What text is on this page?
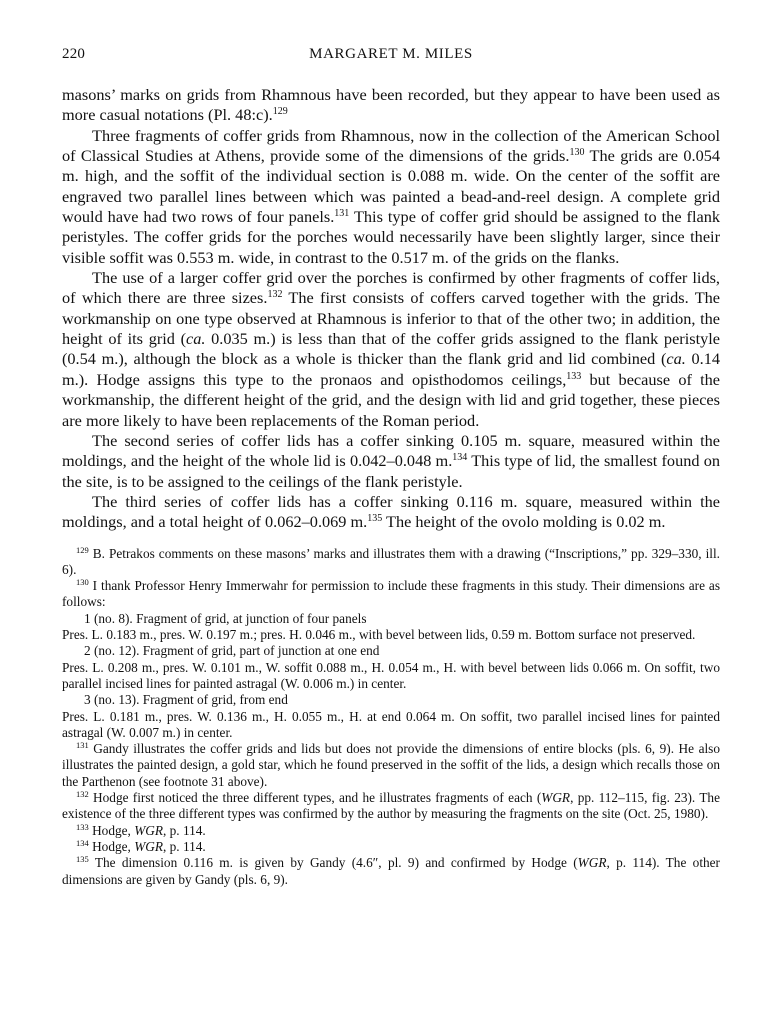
220	MARGARET M. MILES

masons’ marks on grids from Rhamnous have been recorded, but they appear to have been used as more casual notations (Pl. 48:c).$^{129}$

Three fragments of coffer grids from Rhamnous, now in the collection of the American School of Classical Studies at Athens, provide some of the dimensions of the grids.$^{130}$ The grids are 0.054 m. high, and the soffit of the individual section is 0.088 m. wide. On the center of the soffit are engraved two parallel lines between which was painted a bead-and-reel design. A complete grid would have had two rows of four panels.$^{131}$ This type of coffer grid should be assigned to the flank peristyles. The coffer grids for the porches would necessarily have been slightly larger, since their visible soffit was 0.553 m. wide, in contrast to the 0.517 m. of the grids on the flanks.

The use of a larger coffer grid over the porches is confirmed by other fragments of coffer lids, of which there are three sizes.$^{132}$ The first consists of coffers carved together with the grids. The workmanship on one type observed at Rhamnous is inferior to that of the other two; in addition, the height of its grid (ca. 0.035 m.) is less than that of the coffer grids assigned to the flank peristyle (0.54 m.), although the block as a whole is thicker than the flank grid and lid combined (ca. 0.14 m.). Hodge assigns this type to the pronaos and opisthodomos ceilings,$^{133}$ but because of the workmanship, the different height of the grid, and the design with lid and grid together, these pieces are more likely to have been replacements of the Roman period.

The second series of coffer lids has a coffer sinking 0.105 m. square, measured within the moldings, and the height of the whole lid is 0.042–0.048 m.$^{134}$ This type of lid, the smallest found on the site, is to be assigned to the ceilings of the flank peristyle.

The third series of coffer lids has a coffer sinking 0.116 m. square, measured within the moldings, and a total height of 0.062–0.069 m.$^{135}$ The height of the ovolo molding is 0.02 m.

$^{129}$ B. Petrakos comments on these masons’ marks and illustrates them with a drawing (“Inscriptions,” pp. 329–330, ill. 6).

$^{130}$ I thank Professor Henry Immerwahr for permission to include these fragments in this study. Their dimensions are as follows:

1 (no. 8). Fragment of grid, at junction of four panels

Pres. L. 0.183 m., pres. W. 0.197 m.; pres. H. 0.046 m., with bevel between lids, 0.59 m. Bottom surface not preserved.

2 (no. 12). Fragment of grid, part of junction at one end

Pres. L. 0.208 m., pres. W. 0.101 m., W. soffit 0.088 m., H. 0.054 m., H. with bevel between lids 0.066 m. On soffit, two parallel incised lines for painted astragal (W. 0.006 m.) in center.

3 (no. 13). Fragment of grid, from end

Pres. L. 0.181 m., pres. W. 0.136 m., H. 0.055 m., H. at end 0.064 m. On soffit, two parallel incised lines for painted astragal (W. 0.007 m.) in center.

$^{131}$ Gandy illustrates the coffer grids and lids but does not provide the dimensions of entire blocks (pls. 6, 9). He also illustrates the painted design, a gold star, which he found preserved in the soffit of the lids, a design which recalls those on the Parthenon (see footnote 31 above).

$^{132}$ Hodge first noticed the three different types, and he illustrates fragments of each (WGR, pp. 112–115, fig. 23). The existence of the three different types was confirmed by the author by measuring the fragments on the site (Oct. 25, 1980).

$^{133}$ Hodge, WGR, p. 114.

$^{134}$ Hodge, WGR, p. 114.

$^{135}$ The dimension 0.116 m. is given by Gandy (4.6″, pl. 9) and confirmed by Hodge (WGR, p. 114). The other dimensions are given by Gandy (pls. 6, 9).
